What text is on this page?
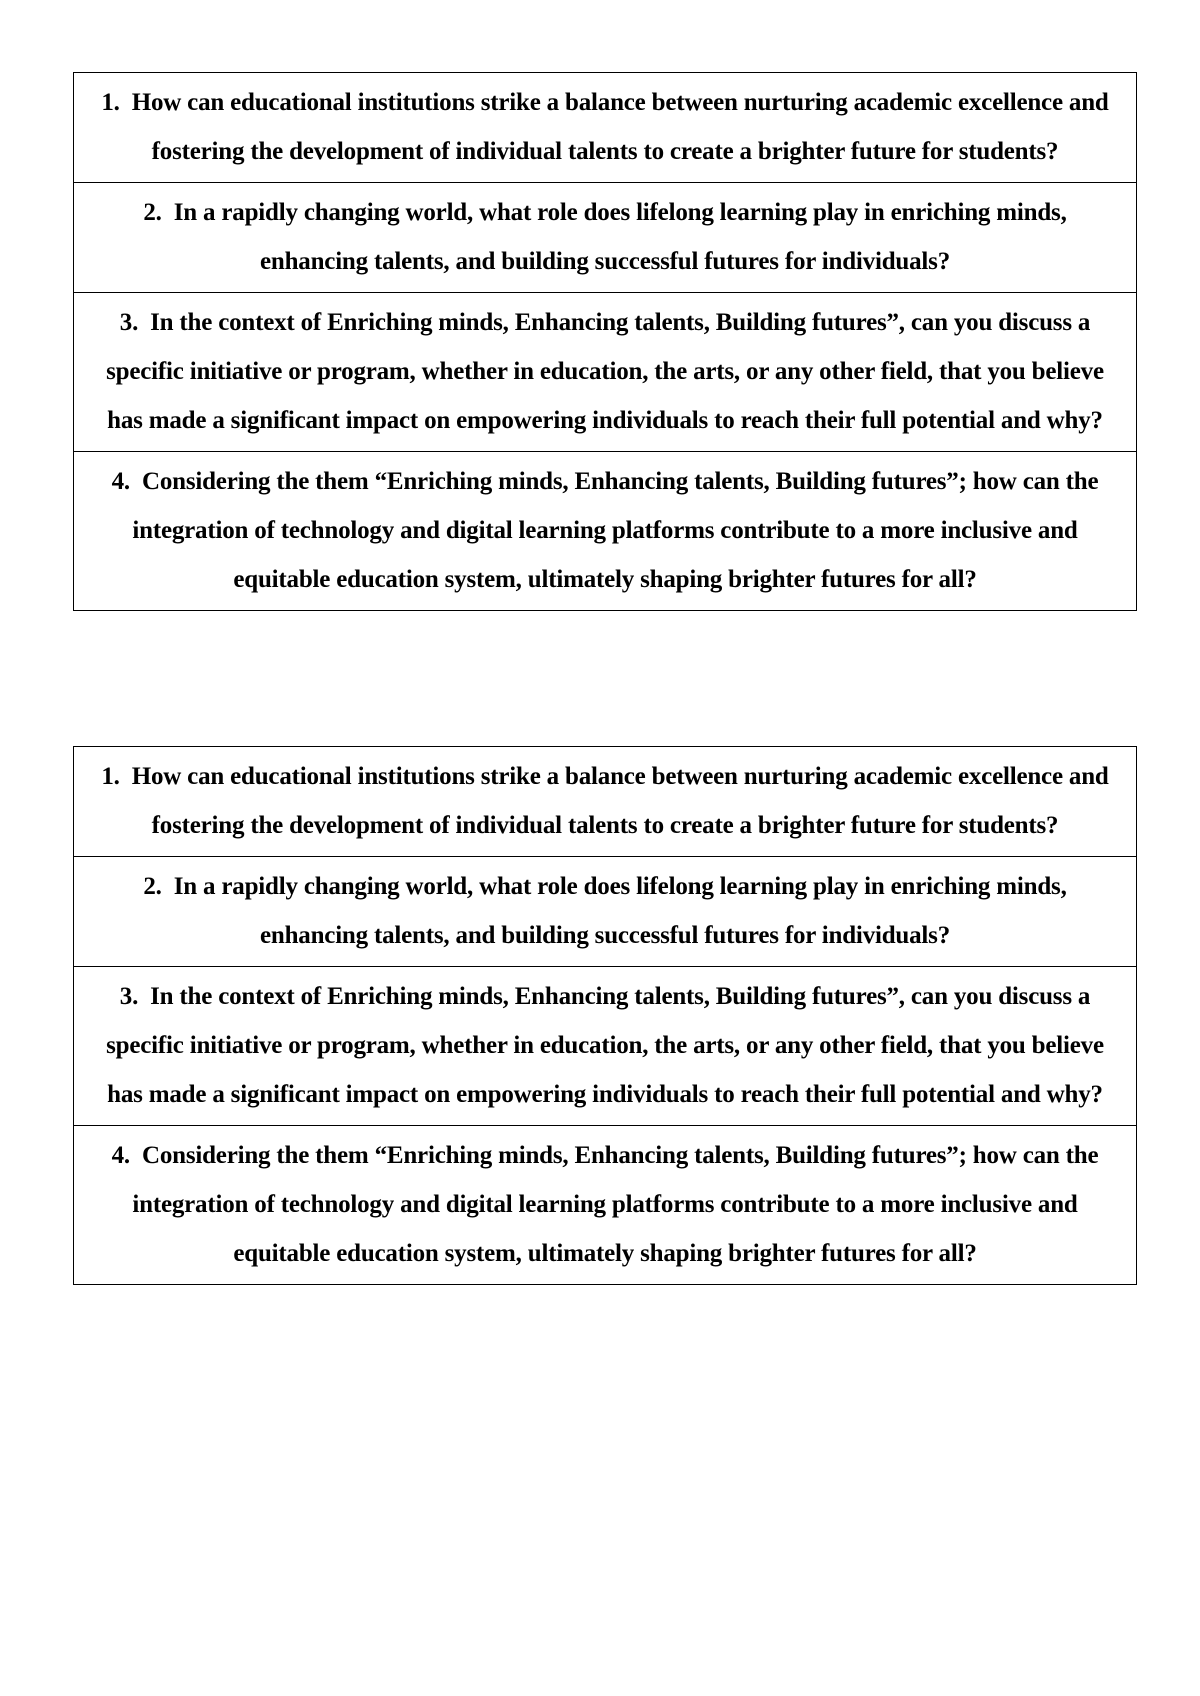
1. How can educational institutions strike a balance between nurturing academic excellence and fostering the development of individual talents to create a brighter future for students?
2. In a rapidly changing world, what role does lifelong learning play in enriching minds, enhancing talents, and building successful futures for individuals?
3. In the context of Enriching minds, Enhancing talents, Building futures”, can you discuss a specific initiative or program, whether in education, the arts, or any other field, that you believe has made a significant impact on empowering individuals to reach their full potential and why?
4. Considering the them “Enriching minds, Enhancing talents, Building futures”; how can the integration of technology and digital learning platforms contribute to a more inclusive and equitable education system, ultimately shaping brighter futures for all?
1. How can educational institutions strike a balance between nurturing academic excellence and fostering the development of individual talents to create a brighter future for students?
2. In a rapidly changing world, what role does lifelong learning play in enriching minds, enhancing talents, and building successful futures for individuals?
3. In the context of Enriching minds, Enhancing talents, Building futures”, can you discuss a specific initiative or program, whether in education, the arts, or any other field, that you believe has made a significant impact on empowering individuals to reach their full potential and why?
4. Considering the them “Enriching minds, Enhancing talents, Building futures”; how can the integration of technology and digital learning platforms contribute to a more inclusive and equitable education system, ultimately shaping brighter futures for all?
